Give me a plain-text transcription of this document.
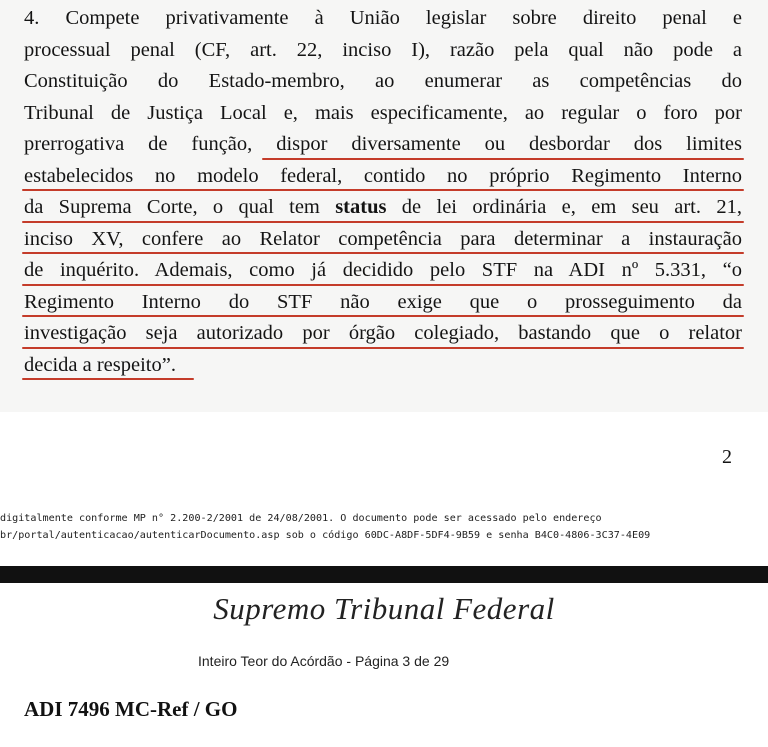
4. Compete privativamente à União legislar sobre direito penal e

processual penal (CF, art. 22, inciso I), razão pela qual não pode a

Constituição do Estado-membro, ao enumerar as competências do

Tribunal de Justiça Local e, mais especificamente, ao regular o foro por

prerrogativa de função, dispor diversamente ou desbordar dos limites

estabelecidos no modelo federal, contido no próprio Regimento Interno

da Suprema Corte, o qual tem status de lei ordinária e, em seu art. 21,

inciso XV, confere ao Relator competência para determinar a instauração

de inquérito. Ademais, como já decidido pelo STF na ADI nº 5.331, “o

Regimento Interno do STF não exige que o prosseguimento da

investigação seja autorizado por órgão colegiado, bastando que o relator

decida a respeito”.

2

digitalmente conforme MP n° 2.200-2/2001 de 24/08/2001. O documento pode ser acessado pelo endereço

br/portal/autenticacao/autenticarDocumento.asp sob o código 60DC-A8DF-5DF4-9B59 e senha B4C0-4806-3C37-4E09

Supremo Tribunal Federal

Inteiro Teor do Acórdão - Página 3 de 29

ADI 7496 MC-Ref / GO
